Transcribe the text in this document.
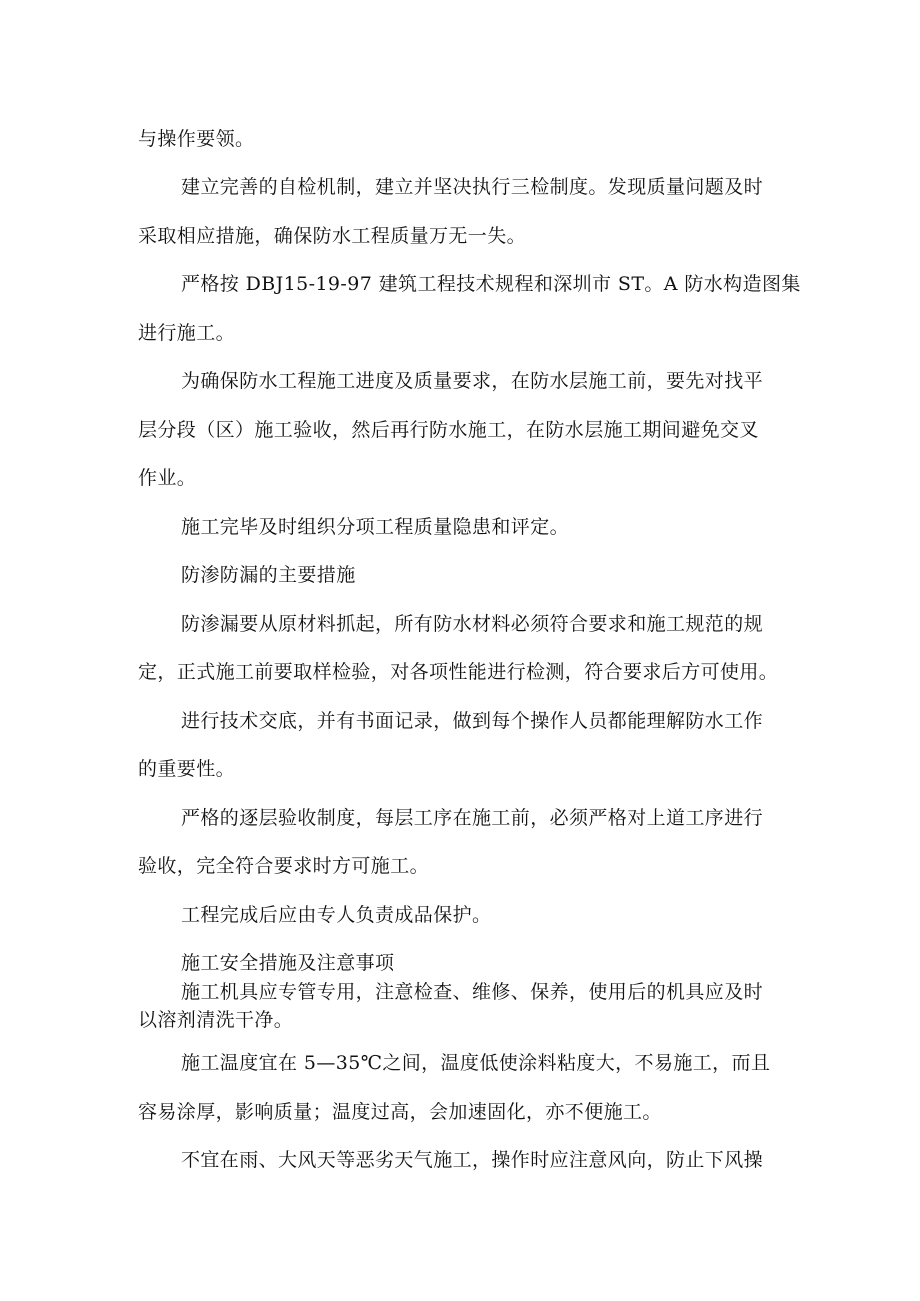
与操作要领。
建立完善的自检机制，建立并坚决执行三检制度。发现质量问题及时
采取相应措施，确保防水工程质量万无一失。
严格按 DBJ15-19-97 建筑工程技术规程和深圳市 ST。A 防水构造图集
进行施工。
为确保防水工程施工进度及质量要求，在防水层施工前，要先对找平
层分段（区）施工验收，然后再行防水施工，在防水层施工期间避免交叉
作业。
施工完毕及时组织分项工程质量隐患和评定。
防渗防漏的主要措施
防渗漏要从原材料抓起，所有防水材料必须符合要求和施工规范的规
定，正式施工前要取样检验，对各项性能进行检测，符合要求后方可使用。
进行技术交底，并有书面记录，做到每个操作人员都能理解防水工作
的重要性。
严格的逐层验收制度，每层工序在施工前，必须严格对上道工序进行
验收，完全符合要求时方可施工。
工程完成后应由专人负责成品保护。
施工安全措施及注意事项
施工机具应专管专用，注意检查、维修、保养，使用后的机具应及时
以溶剂清洗干净。
施工温度宜在 5—35℃之间，温度低使涂料粘度大，不易施工，而且
容易涂厚，影响质量；温度过高，会加速固化，亦不便施工。
不宜在雨、大风天等恶劣天气施工，操作时应注意风向，防止下风操
